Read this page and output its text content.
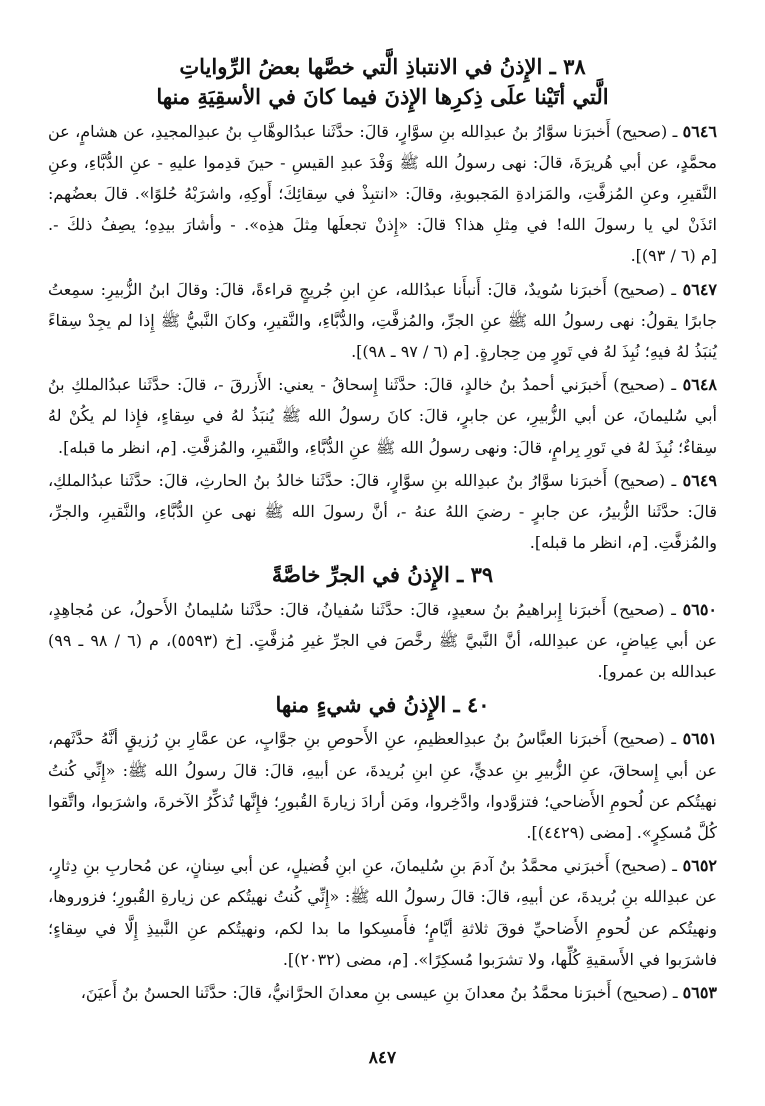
٣٨ ـ الإِذنُ في الانتباذِ الَّتي خصَّها بعضُ الرِّواياتِ
الَّتي أتَيْنا علَى ذِكرِها الإِذنَ فيما كانَ في الأسقِيَةِ منها

٥٦٤٦ ـ (صحيح) أَخبرَنا سوَّارُ بنُ عبدِالله بنِ سوَّارٍ، قالَ: حدَّثَنا عبدُالوهَّابِ بنُ عبدِالمجيدِ، عن هشامٍ، عن محمَّدٍ، عن أبي هُريرَةَ، قالَ: نهى رسولُ الله ﷺ وَفْدَ عبدِ القيسِ - حينَ قدِموا عليهِ - عنِ الدُّبَّاءِ، وعنِ النَّقيرِ، وعنِ المُزفَّتِ، والمَزادةِ المَجبوبةِ، وقالَ: «انتبِذْ في سِقائِكَ؛ أَوكِهِ، واشرَبْهُ حُلوًا». قالَ بعضُهم: ائذَنْ لي يا رسولَ الله! في مِثلِ هذا؟ قالَ: «إِذنْ تجعلَها مِثلَ هذِه». - وأشارَ بيدِهِ؛ يصِفُ ذلكَ -. [م (٦ / ٩٣)].

٥٦٤٧ ـ (صحيح) أَخبرَنا سُويدٌ، قالَ: أَنبأَنا عبدُالله، عنِ ابنِ جُريجٍ قراءةً، قالَ: وقالَ ابنُ الزُّبيرِ: سمِعتُ جابرًا يقولُ: نهى رسولُ الله ﷺ عنِ الجرِّ، والمُزفَّتِ، والدُّبَّاءِ، والنَّقيرِ، وكانَ النَّبيُّ ﷺ إِذا لم يجِدْ سِقاءً يُنبَذُ لهُ فيهِ؛ نُبِذَ لهُ في تَورٍ مِن حِجارةٍ. [م (٦ / ٩٧ ـ ٩٨)].

٥٦٤٨ ـ (صحيح) أَخبرَني أحمدُ بنُ خالدٍ، قالَ: حدَّثَنا إِسحاقُ - يعني: الأَزرقَ -، قالَ: حدَّثَنا عبدُالملكِ بنُ أبي سُليمانَ، عن أبي الزُّبيرِ، عن جابرٍ، قالَ: كانَ رسولُ الله ﷺ يُنبَذُ لهُ في سِقاءٍ، فإِذا لم يكُنْ لهُ سِقاءٌ؛ نُبِذَ لهُ في تَورِ بِرامٍ، قالَ: ونهى رسولُ الله ﷺ عنِ الدُّبَّاءِ، والنَّقيرِ، والمُزفَّتِ. [م، انظر ما قبله].

٥٦٤٩ ـ (صحيح) أَخبرَنا سوَّارُ بنُ عبدِالله بنِ سوَّارٍ، قالَ: حدَّثَنا خالدُ بنُ الحارثِ، قالَ: حدَّثَنا عبدُالملكِ، قالَ: حدَّثَنا الزُّبيرُ، عن جابرٍ - رضيَ اللهُ عنهُ -، أنَّ رسولَ الله ﷺ نهى عنِ الدُّبَّاءِ، والنَّقيرِ، والجرِّ، والمُزفَّتِ. [م، انظر ما قبله].

٣٩ ـ الإِذنُ في الجرِّ خاصَّةً

٥٦٥٠ ـ (صحيح) أَخبرَنا إِبراهيمُ بنُ سعيدٍ، قالَ: حدَّثَنا سُفيانُ، قالَ: حدَّثَنا سُليمانُ الأَحولُ، عن مُجاهِدٍ، عن أبي عِياضٍ، عن عبدِالله، أنَّ النَّبيَّ ﷺ رخَّصَ في الجرِّ غيرِ مُزفَّتٍ. [خ (٥٥٩٣)، م (٦ / ٩٨ ـ ٩٩) عبدالله بن عمرو].

٤٠ ـ الإِذنُ في شيءٍ منها

٥٦٥١ ـ (صحيح) أَخبرَنا العبَّاسُ بنُ عبدِالعظيمِ، عنِ الأَحوصِ بنِ جوَّابٍ، عن عمَّارِ بنِ رُزيقٍ أنَّهُ حدَّثَهم، عن أبي إِسحاقَ، عنِ الزُّبيرِ بنِ عديٍّ، عنِ ابنِ بُريدةَ، عن أبيهِ، قالَ: قالَ رسولُ الله ﷺ: «إِنِّي كُنتُ نهيتُكم عن لُحومِ الأَضاحي؛ فتزوَّدوا، وادَّخِروا، ومَن أرادَ زيارةَ القُبورِ؛ فإِنَّها تُذكِّرُ الآخرةَ، واشرَبوا، واتَّقوا كُلَّ مُسكِرٍ». [مضى (٤٤٢٩)].

٥٦٥٢ ـ (صحيح) أَخبرَني محمَّدُ بنُ آدمَ بنِ سُليمانَ، عنِ ابنِ فُضيلٍ، عن أبي سِنانٍ، عن مُحاربِ بنِ دِثارٍ، عن عبدِالله بنِ بُريدةَ، عن أبيهِ، قالَ: قالَ رسولُ الله ﷺ: «إِنِّي كُنتُ نهيتُكم عن زيارةِ القُبورِ؛ فزوروها، ونهيتُكم عن لُحومِ الأَضاحيِّ فوقَ ثلاثةِ أيَّامٍ؛ فأَمسِكوا ما بدا لكم، ونهيتُكم عنِ النَّبيذِ إِلَّا في سِقاءٍ؛ فاشرَبوا في الأَسقيةِ كُلِّها، ولا تشرَبوا مُسكِرًا». [م، مضى (٢٠٣٢)].

٥٦٥٣ ـ (صحيح) أَخبرَنا محمَّدُ بنُ معدانَ بنِ عيسى بنِ معدانَ الحرَّانيُّ، قالَ: حدَّثَنا الحسنُ بنُ أَعيَنَ،

٨٤٧
